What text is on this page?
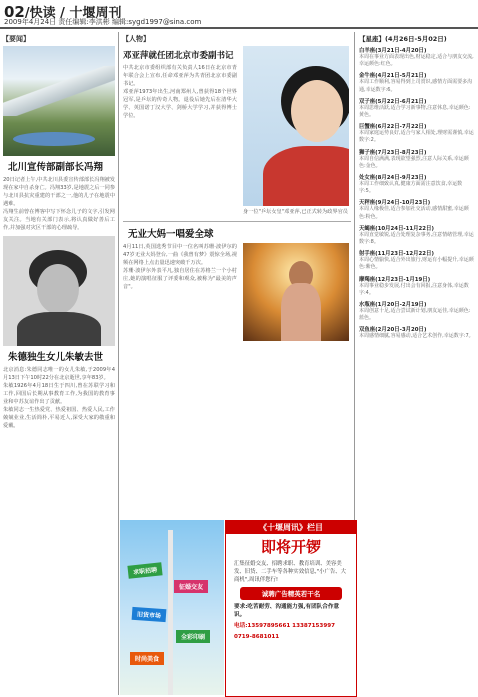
02/快读 / 十堰周刊
2009年4月24日 责任编辑:李洪彬 编辑:sygd1997@sina.com
【要闻】
北川宣传部副部长冯翔
20日记者上午,中共北川县委宣传部部长冯翔被发现在家中自杀身亡。冯翔33岁,是地震之后一同参与北川县抗灾重建的干部之一,他的儿子在地震中遇难。
冯翔生前曾在博客中写下怀念儿子的文字,引发网友关注。当地有关部门表示,将认真做好善后工作,并加强对灾区干部的心理疏导。
朱德独生女儿朱敏去世
北京消息:朱德同志唯一的女儿朱敏,于2009年4月13日下午10时22分在北京逝世,享年83岁。
朱敏1926年4月18日生于四川,曾在苏联学习和工作,回国后长期从事教育工作,为我国的教育事业和中苏友谊作出了贡献。
朱敏同志一生热爱党、热爱祖国、热爱人民,工作兢兢业业,生活简朴,平易近人,深受大家的敬重和爱戴。
【人物】
邓亚萍就任团北京市委副书记
中共北京市委组织部有关负责人16日在北京市青年联合会上宣布,任命邓亚萍为共青团北京市委副书记。
邓亚萍1973年出生,河南郑州人,曾获得18个世界冠军,是乒坛的传奇人物。退役后她先后在清华大学、英国诺丁汉大学、剑桥大学学习,并获得博士学位。
身一位"乒坛女皇"邓亚萍,已正式转为政界官员
无业大妈一唱爱全球
4月11日,英国选秀节目中一位名叫苏珊·波伊尔的47岁无业大妈登台,一曲《我曾有梦》震惊全场,视频在网络上点击量迅速突破千万次。
苏珊·波伊尔外表平凡,独自居住在苏格兰一个小村庄,她的演唱征服了评委和观众,被称为"最美的声音"。
【星座】(4月26日-5月02日)
白羊座(3月21日-4月20日)
本周在事业方面表现出色,财运稳定,适合与朋友交流,幸运颜色:红色。
金牛座(4月21日-5月21日)
本周工作顺利,容易得到上司赏识,感情方面需要多沟通,幸运数字:6。
双子座(5月22日-6月21日)
本周思维活跃,适合学习新事物,注意休息,幸运颜色:黄色。
巨蟹座(6月22日-7月22日)
本周家庭运势良好,适合与家人相处,理财需谨慎,幸运数字:2。
狮子座(7月23日-8月23日)
本周自信满满,表现欲望强烈,注意人际关系,幸运颜色:金色。
处女座(8月24日-9月23日)
本周工作细致认真,健康方面需注意饮食,幸运数字:5。
天秤座(9月24日-10月23日)
本周人缘极佳,适合参加社交活动,感情甜蜜,幸运颜色:粉色。
天蝎座(10月24日-11月22日)
本周直觉敏锐,适合处理复杂事务,注意情绪管理,幸运数字:8。
射手座(11月23日-12月22日)
本周心情愉快,适合外出旅行,财运有小幅提升,幸运颜色:紫色。
摩羯座(12月23日-1月19日)
本周事业稳步发展,付出会有回报,注意身体,幸运数字:4。
水瓶座(1月20日-2月19日)
本周创意十足,适合尝试新计划,朋友运佳,幸运颜色:蓝色。
双鱼座(2月20日-3月20日)
本周感情细腻,容易感动,适合艺术创作,幸运数字:7。
求职招聘
征婚交友
旧货市场
全彩印刷
时尚美食
《十堰周讯》栏目
即将开锣
汇集征婚交友、招聘求职、教育培训、美容美发、旧货、二手车等各种实效信息,"小广告、大商机",周讯伴您行!
诚聘广告精英若干名
要求:吃苦耐劳、沟通能力强,有团队合作意识。
电话:13597895661 13387153997
0719-8681011
